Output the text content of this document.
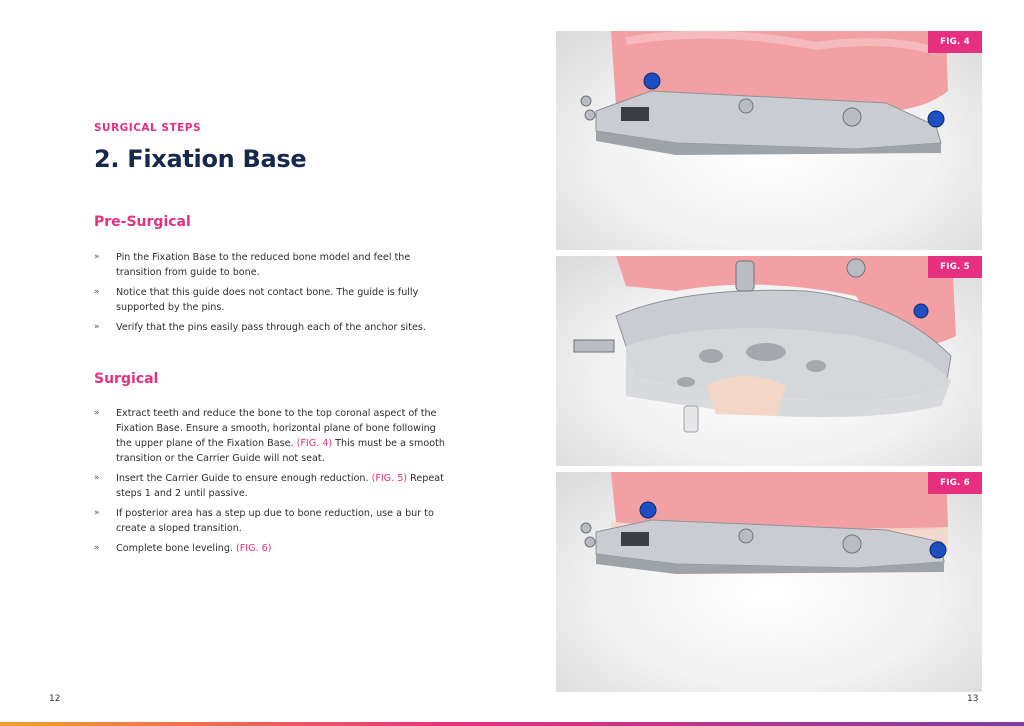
SURGICAL STEPS
2. Fixation Base
Pre-Surgical
» Pin the Fixation Base to the reduced bone model and feel the transition from guide to bone.
» Notice that this guide does not contact bone. The guide is fully supported by the pins.
» Verify that the pins easily pass through each of the anchor sites.
Surgical
» Extract teeth and reduce the bone to the top coronal aspect of the Fixation Base. Ensure a smooth, horizontal plane of bone following the upper plane of the Fixation Base. (FIG. 4) This must be a smooth transition or the Carrier Guide will not seat.
» Insert the Carrier Guide to ensure enough reduction. (FIG. 5) Repeat steps 1 and 2 until passive.
» If posterior area has a step up due to bone reduction, use a bur to create a sloped transition.
» Complete bone leveling. (FIG. 6)
FIG. 4
FIG. 5
FIG. 6
12	13
